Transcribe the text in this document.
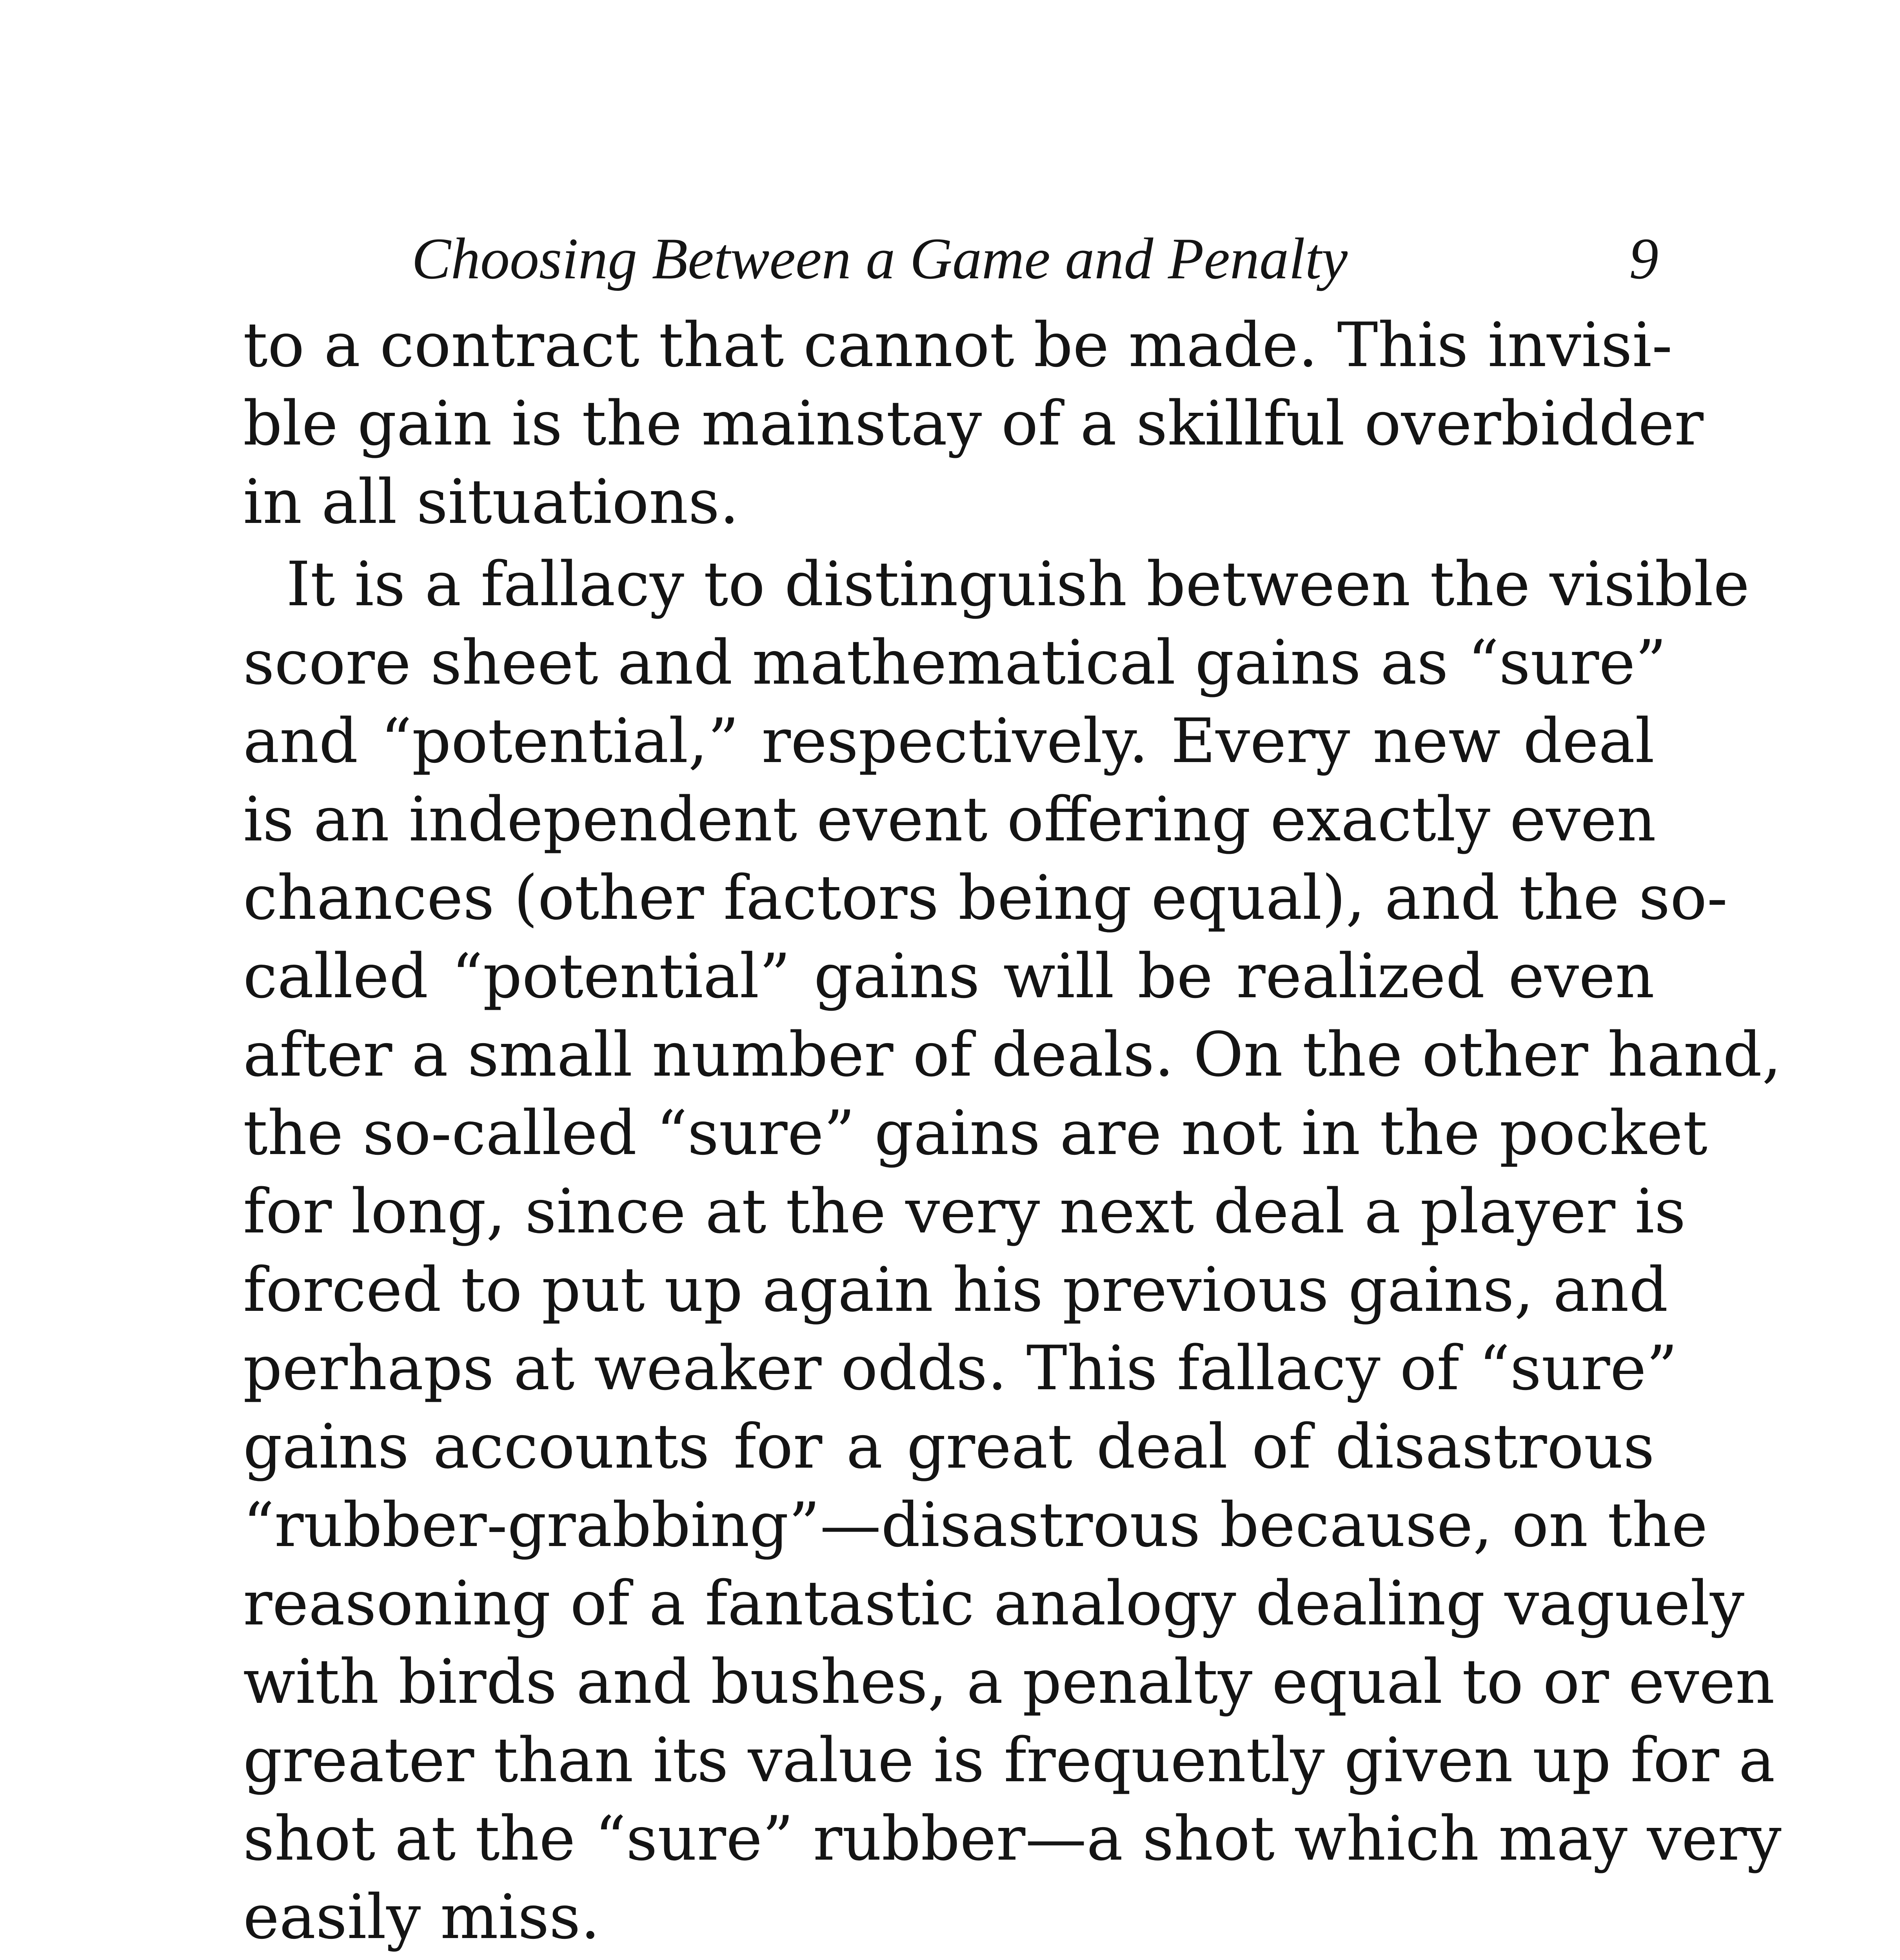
Choosing Between a Game and Penalty	9
to a contract that cannot be made. This invisi-
ble gain is the mainstay of a skillful overbidder
in all situations.
It is a fallacy to distinguish between the visible
score sheet and mathematical gains as “sure”
and “potential,” respectively. Every new deal
is an independent event offering exactly even
chances (other factors being equal), and the so-
called “potential” gains will be realized even
after a small number of deals. On the other hand,
the so-called “sure” gains are not in the pocket
for long, since at the very next deal a player is
forced to put up again his previous gains, and
perhaps at weaker odds. This fallacy of “sure”
gains accounts for a great deal of disastrous
“rubber-grabbing”—disastrous because, on the
reasoning of a fantastic analogy dealing vaguely
with birds and bushes, a penalty equal to or even
greater than its value is frequently given up for a
shot at the “sure” rubber—a shot which may very
easily miss.
